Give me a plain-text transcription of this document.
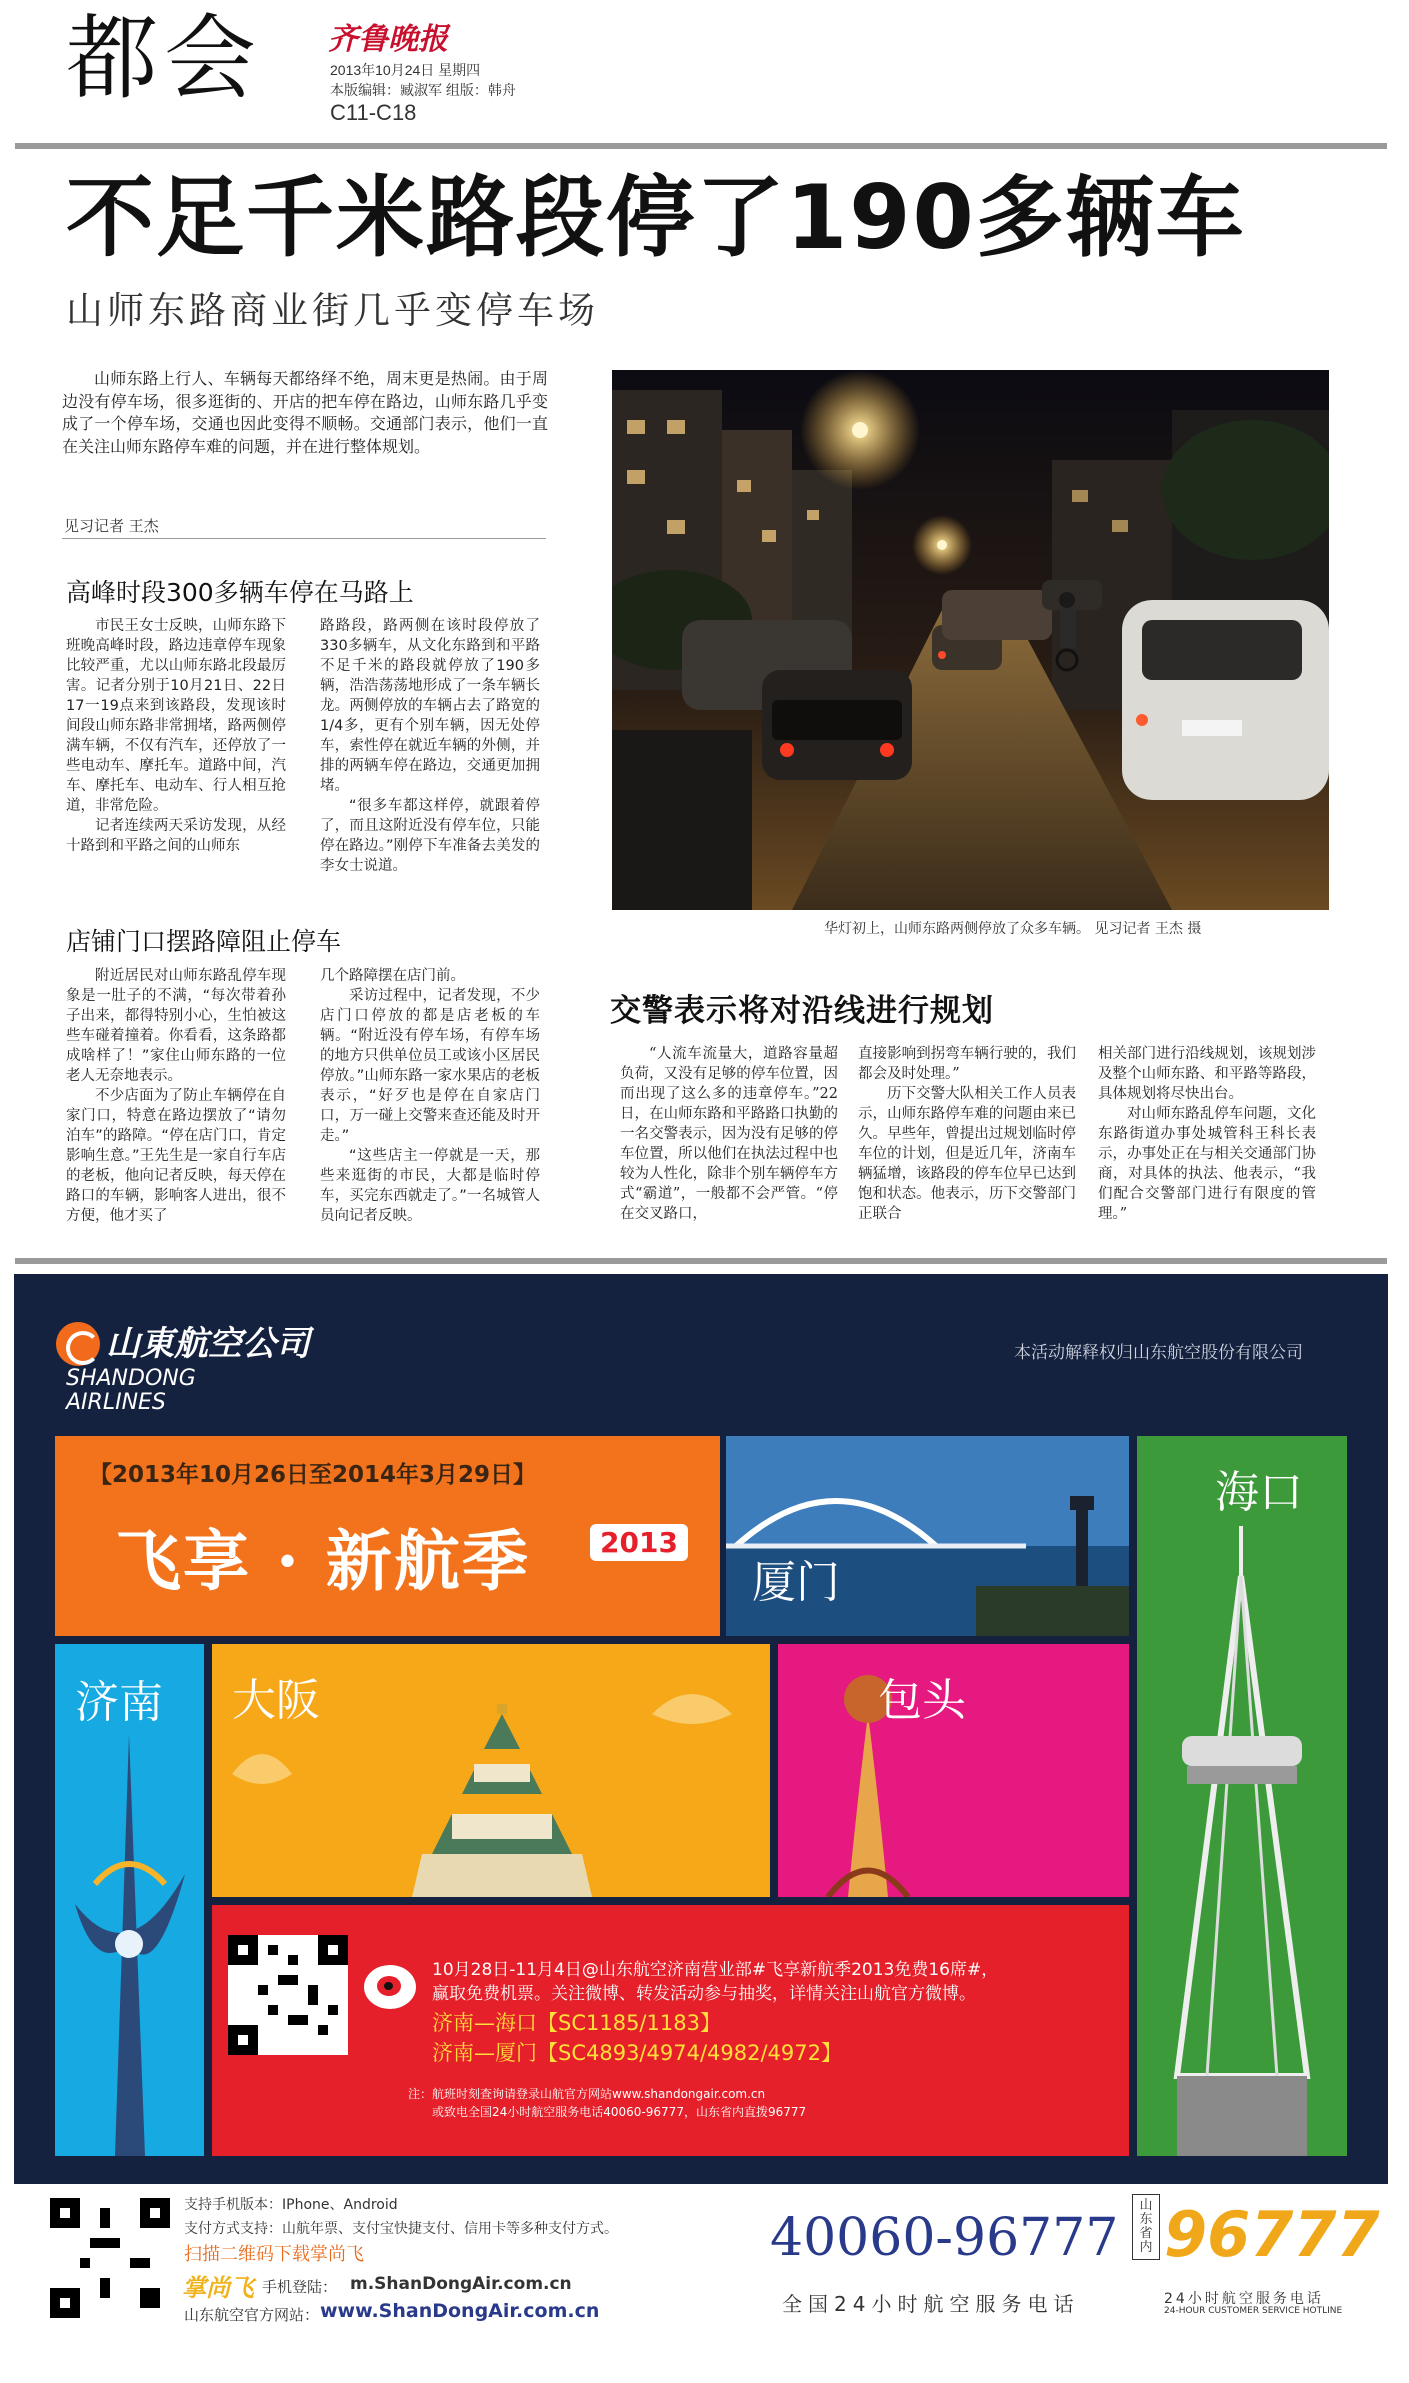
都会 齐鲁晚报
2013年10月24日 星期四
本版编辑：臧淑军 组版：韩舟
C11-C18
不足千米路段停了190多辆车
山师东路商业街几乎变停车场

山师东路上行人、车辆每天都络绎不绝，周末更是热闹。由于周边没有停车场，很多逛街的、开店的把车停在路边，山师东路几乎变成了一个停车场，交通也因此变得不顺畅。交通部门表示，他们一直在关注山师东路停车难的问题，并在进行整体规划。

见习记者 王杰
高峰时段300多辆车停在马路上

市民王女士反映，山师东路下班晚高峰时段，路边违章停车现象比较严重，尤以山师东路北段最厉害。记者分别于10月21日、22日17一19点来到该路段，发现该时间段山师东路非常拥堵，路两侧停满车辆，不仅有汽车，还停放了一些电动车、摩托车。道路中间，汽车、摩托车、电动车、行人相互抢道，非常危险。

记者连续两天采访发现，从经十路到和平路之间的山师东

路路段，路两侧在该时段停放了330多辆车，从文化东路到和平路不足千米的路段就停放了190多辆，浩浩荡荡地形成了一条车辆长龙。两侧停放的车辆占去了路宽的1/4多，更有个别车辆，因无处停车，索性停在就近车辆的外侧，并排的两辆车停在路边，交通更加拥堵。

“很多车都这样停，就跟着停了，而且这附近没有停车位，只能停在路边。”刚停下车准备去美发的李女士说道。

店铺门口摆路障阻止停车

附近居民对山师东路乱停车现象是一肚子的不满，“每次带着孙子出来，都得特别小心，生怕被这些车碰着撞着。你看看，这条路都成啥样了！”家住山师东路的一位老人无奈地表示。

不少店面为了防止车辆停在自家门口，特意在路边摆放了“请勿泊车”的路障。“停在店门口，肯定影响生意。”王先生是一家自行车店的老板，他向记者反映，每天停在路口的车辆，影响客人进出，很不方便，他才买了

几个路障摆在店门前。

采访过程中，记者发现，不少店门口停放的都是店老板的车辆。“附近没有停车场，有停车场的地方只供单位员工或该小区居民停放。”山师东路一家水果店的老板表示，“好歹也是停在自家店门口，万一碰上交警来查还能及时开走。”

“这些店主一停就是一天，那些来逛街的市民，大都是临时停车，买完东西就走了。”一名城管人员向记者反映。

华灯初上，山师东路两侧停放了众多车辆。 见习记者 王杰 摄
交警表示将对沿线进行规划

“人流车流量大，道路容量超负荷，又没有足够的停车位置，因而出现了这么多的违章停车。”22日，在山师东路和平路路口执勤的一名交警表示，因为没有足够的停车位置，所以他们在执法过程中也较为人性化，除非个别车辆停车方式“霸道”，一般都不会严管。“停在交叉路口，

直接影响到拐弯车辆行驶的，我们都会及时处理。”

历下交警大队相关工作人员表示，山师东路停车难的问题由来已久。早些年，曾提出过规划临时停车位的计划，但是近几年，济南车辆猛增，该路段的停车位早已达到饱和状态。他表示，历下交警部门正联合

相关部门进行沿线规划，该规划涉及整个山师东路、和平路等路段，具体规划将尽快出台。

对山师东路乱停车问题，文化东路街道办事处城管科王科长表示，办事处正在与相关交通部门协商，对具体的执法、他表示，“我们配合交警部门进行有限度的管理。”

山東航空公司
SHANDONG
AIRLINES
本活动解释权归山东航空股份有限公司
【2013年10月26日至2014年3月29日】
飞享 · 新航季	2013
厦门
海口
济南 大阪	包头
10月28日-11月4日@山东航空济南营业部#飞享新航季2013免费16席#，
赢取免费机票。关注微博、转发活动参与抽奖，详情关注山航官方微博。
济南—海口【SC1185/1183】
济南—厦门【SC4893/4974/4982/4972】
注：航班时刻查询请登录山航官方网站www.shandongair.com.cn
或致电全国24小时航空服务电话40060-96777，山东省内直拨96777
支持手机版本：IPhone、Android
支付方式支持：山航年票、支付宝快捷支付、信用卡等多种支付方式。
扫描二维码下载掌尚飞
掌尚飞 手机登陆： m.ShanDongAir.com.cn
山东航空官方网站： www.ShanDongAir.com.cn
40060-96777
全国24小时航空服务电话
山东省内 96777
24小时航空服务电话
24-HOUR CUSTOMER SERVICE HOTLINE
